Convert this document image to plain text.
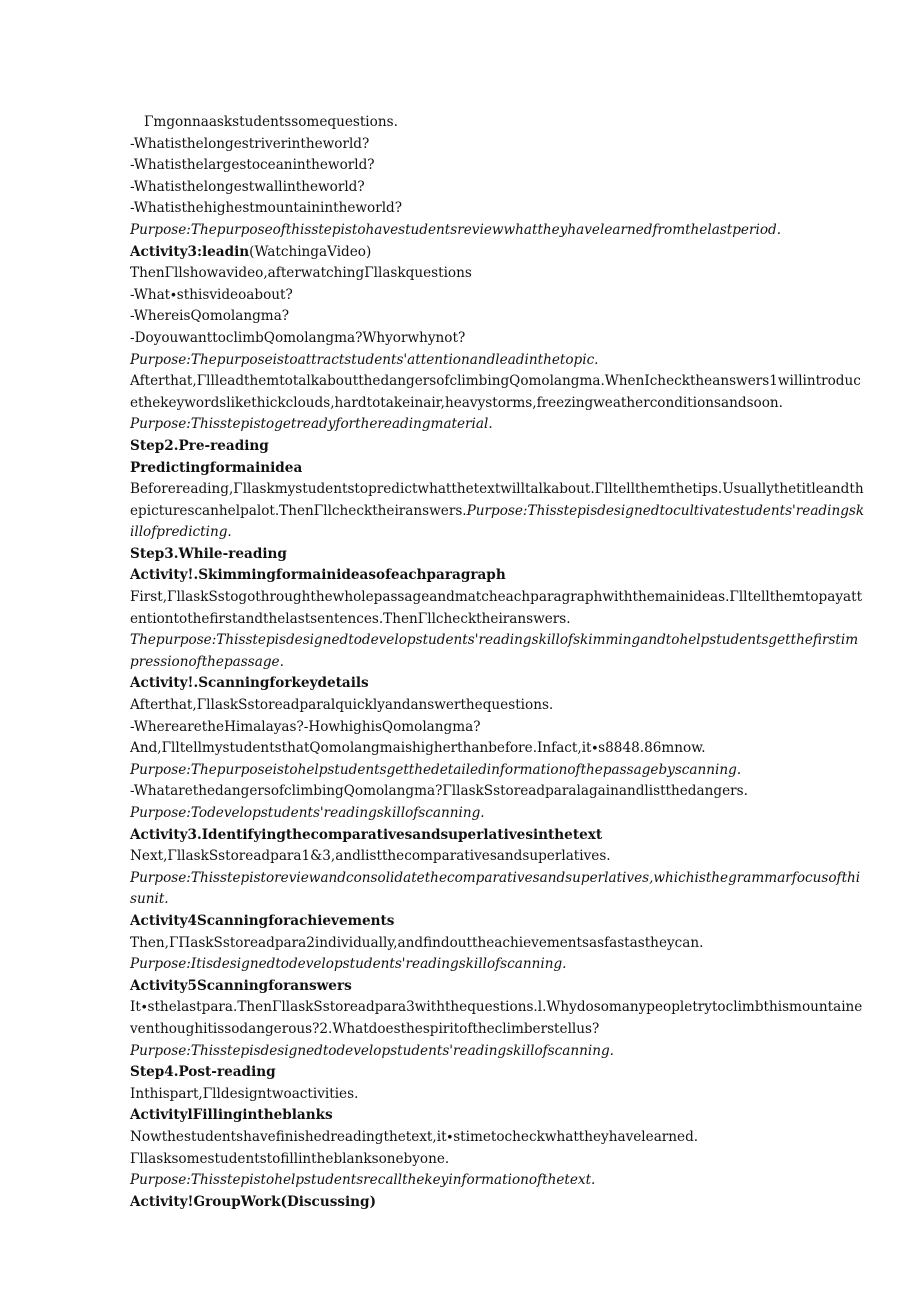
Γmgonnaaskstudentssomequestions.

-Whatisthelongestriverintheworld?

-Whatisthelargestoceanintheworld?

-Whatisthelongestwallintheworld?

-Whatisthehighestmountainintheworld?

Purpose:Thepurposeofthisstepistohavestudentsreviewwhattheyhavelearnedfromthelastperiod.

Activity3:leadin(WatchingaVideo)

ThenΓllshowavideo,afterwatchingΓllaskquestions

-What∙sthisvideoabout?

-WhereisQomolangma?

-DoyouwanttoclimbQomolangma?Whyorwhynot?

Purpose:Thepurposeistoattractstudents'attentionandleadinthetopic.

Afterthat,ΓllleadthemtotalkaboutthedangersofclimbingQomolangma.WhenIchecktheanswers1willintroducethekeywordslikethickclouds,hardtotakeinair,heavystorms,freezingweatherconditionsandsoon.

Purpose:Thisstepistogetreadyforthereadingmaterial.

Step2.Pre-reading

Predictingformainidea

Beforereading,Γllaskmystudentstopredictwhatthetextwilltalkabout.Γlltellthemthetips.Usuallythetitleandthepicturescanhelpalot.ThenΓllchecktheiranswers.Purpose:Thisstepisdesignedtocultivatestudents'readingskillofpredicting.

Step3.While-reading

Activity!.Skimmingformainideasofeachparagraph

First,ΓllaskSstogothroughthewholepassageandmatcheachparagraphwiththemainideas.Γlltellthemtopayattentiontothefirstandthelastsentences.ThenΓllchecktheiranswers.

Thepurpose:Thisstepisdesignedtodevelopstudents'readingskillofskimmingandtohelpstudentsgetthefirstimpressionofthepassage.

Activity!.Scanningforkeydetails

Afterthat,ΓllaskSstoreadparalquicklyandanswerthequestions.

-WherearetheHimalayas?-HowhighisQomolangma?

And,ΓlltellmystudentsthatQomolangmaishigherthanbefore.Infact,it∙s8848.86mnow.

Purpose:Thepurposeistohelpstudentsgetthedetailedinformationofthepassagebyscanning.

-WhatarethedangersofclimbingQomolangma?ΓllaskSstoreadparalagainandlistthedangers.

Purpose:Todevelopstudents'readingskillofscanning.

Activity3.Identifyingthecomparativesandsuperlativesinthetext

Next,ΓllaskSstoreadpara1&3,andlistthecomparativesandsuperlatives.

Purpose:Thisstepistoreviewandconsolidatethecomparativesandsuperlatives,whichisthegrammarfocusofthisunit.

Activity4Scanningforachievements

Then,ΓΠaskSstoreadpara2individually,andfindouttheachievementsasfastastheycan.

Purpose:Itisdesignedtodevelopstudents'readingskillofscanning.

Activity5Scanningforanswers

It∙sthelastpara.ThenΓllaskSstoreadpara3withthequestions.l.Whydosomanypeopletrytoclimbthismountaineventhoughitissodangerous?2.Whatdoesthespiritoftheclimberstellus?

Purpose:Thisstepisdesignedtodevelopstudents'readingskillofscanning.

Step4.Post-reading

Inthispart,Γlldesigntwoactivities.

ActivitylFillingintheblanks

Nowthestudentshavefinishedreadingthetext,it∙stimetocheckwhattheyhavelearned.

Γllasksomestudentstofillintheblanksonebyone.

Purpose:Thisstepistohelpstudentsrecallthekeyinformationofthetext.

Activity!GroupWork(Discussing)
